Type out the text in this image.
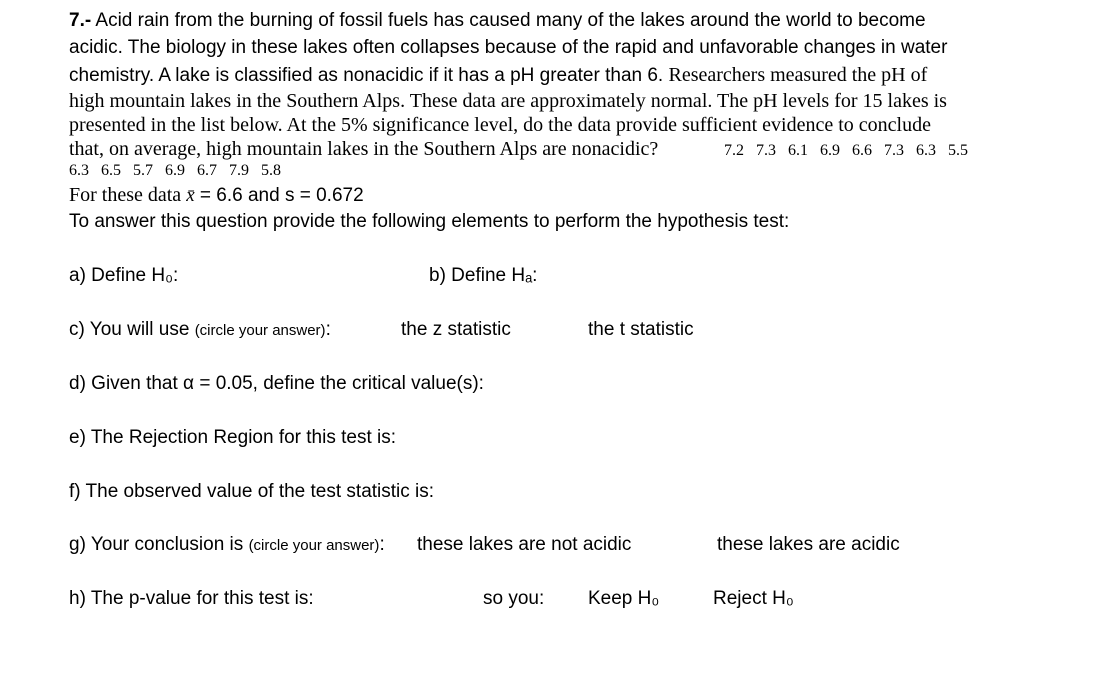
7.- Acid rain from the burning of fossil fuels has caused many of the lakes around the world to become
acidic. The biology in these lakes often collapses because of the rapid and unfavorable changes in water
chemistry. A lake is classified as nonacidic if it has a pH greater than 6. Researchers measured the pH of
high mountain lakes in the Southern Alps. These data are approximately normal. The pH levels for 15 lakes is
presented in the list below. At the 5% significance level, do the data provide sufficient evidence to conclude
that, on average, high mountain lakes in the Southern Alps are nonacidic?	7.2   7.3   6.1   6.9   6.6   7.3   6.3   5.5
6.3   6.5   5.7   6.9   6.7   7.9   5.8
For these data x̄ = 6.6 and s = 0.672
To answer this question provide the following elements to perform the hypothesis test:
a) Define H₀:	b) Define Hₐ:
c) You will use (circle your answer):	the z statistic	the t statistic
d) Given that α = 0.05, define the critical value(s):
e) The Rejection Region for this test is:
f) The observed value of the test statistic is:
g) Your conclusion is (circle your answer): these lakes are not acidic	these lakes are acidic
h) The p-value for this test is:	so you: Keep H₀	Reject H₀
